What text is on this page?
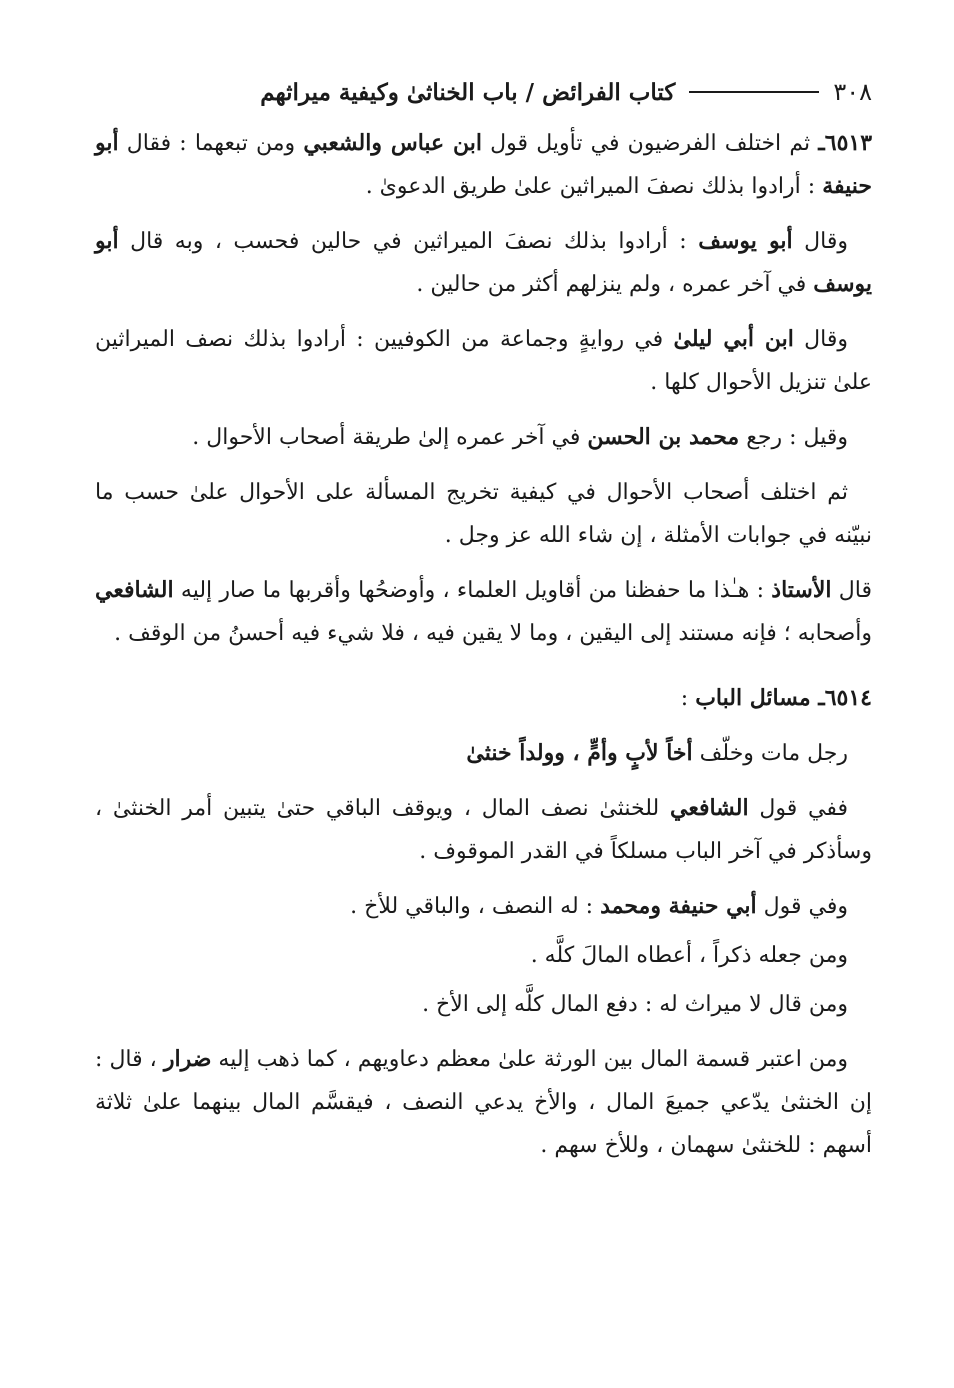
٣٠٨
كتاب الفرائض / باب الخناثىٰ وكيفية ميراثهم

٦٥١٣ـ ثم اختلف الفرضيون في تأويل قول ابن عباس والشعبي ومن تبعهما : فقال أبو حنيفة : أرادوا بذلك نصفَ الميراثين علىٰ طريق الدعوىٰ .

وقال أبو يوسف : أرادوا بذلك نصفَ الميراثين في حالين فحسب ، وبه قال أبو يوسف في آخر عمره ، ولم ينزلهم أكثر من حالين .

وقال ابن أبي ليلىٰ في روايةٍ وجماعة من الكوفيين : أرادوا بذلك نصف الميراثين علىٰ تنزيل الأحوال كلها .

وقيل : رجع محمد بن الحسن في آخر عمره إلىٰ طريقة أصحاب الأحوال .

ثم اختلف أصحاب الأحوال في كيفية تخريج المسألة على الأحوال علىٰ حسب ما نبيّنه في جوابات الأمثلة ، إن شاء الله عز وجل .

قال الأستاذ : هـٰذا ما حفظنا من أقاويل العلماء ، وأوضحُها وأقربها ما صار إليه الشافعي وأصحابه ؛ فإنه مستند إلى اليقين ، وما لا يقين فيه ، فلا شيء فيه أحسنُ من الوقف .

٦٥١٤ـ مسائل الباب :

رجل مات وخلّف أخاً لأبٍ وأمٍّ ، وولداً خنثىٰ

ففي قول الشافعي للخنثىٰ نصف المال ، ويوقف الباقي حتىٰ يتبين أمر الخنثىٰ ، وسأذكر في آخر الباب مسلكاً في القدر الموقوف .

وفي قول أبي حنيفة ومحمد : له النصف ، والباقي للأخ .

ومن جعله ذكراً ، أعطاه المالَ كلَّه .

ومن قال لا ميراث له : دفع المال كلَّه إلى الأخ .

ومن اعتبر قسمة المال بين الورثة علىٰ معظم دعاويهم ، كما ذهب إليه ضرار ، قال : إن الخنثىٰ يدّعي جميعَ المال ، والأخ يدعي النصف ، فيقسَّم المال بينهما علىٰ ثلاثة أسهم : للخنثىٰ سهمان ، وللأخ سهم .
